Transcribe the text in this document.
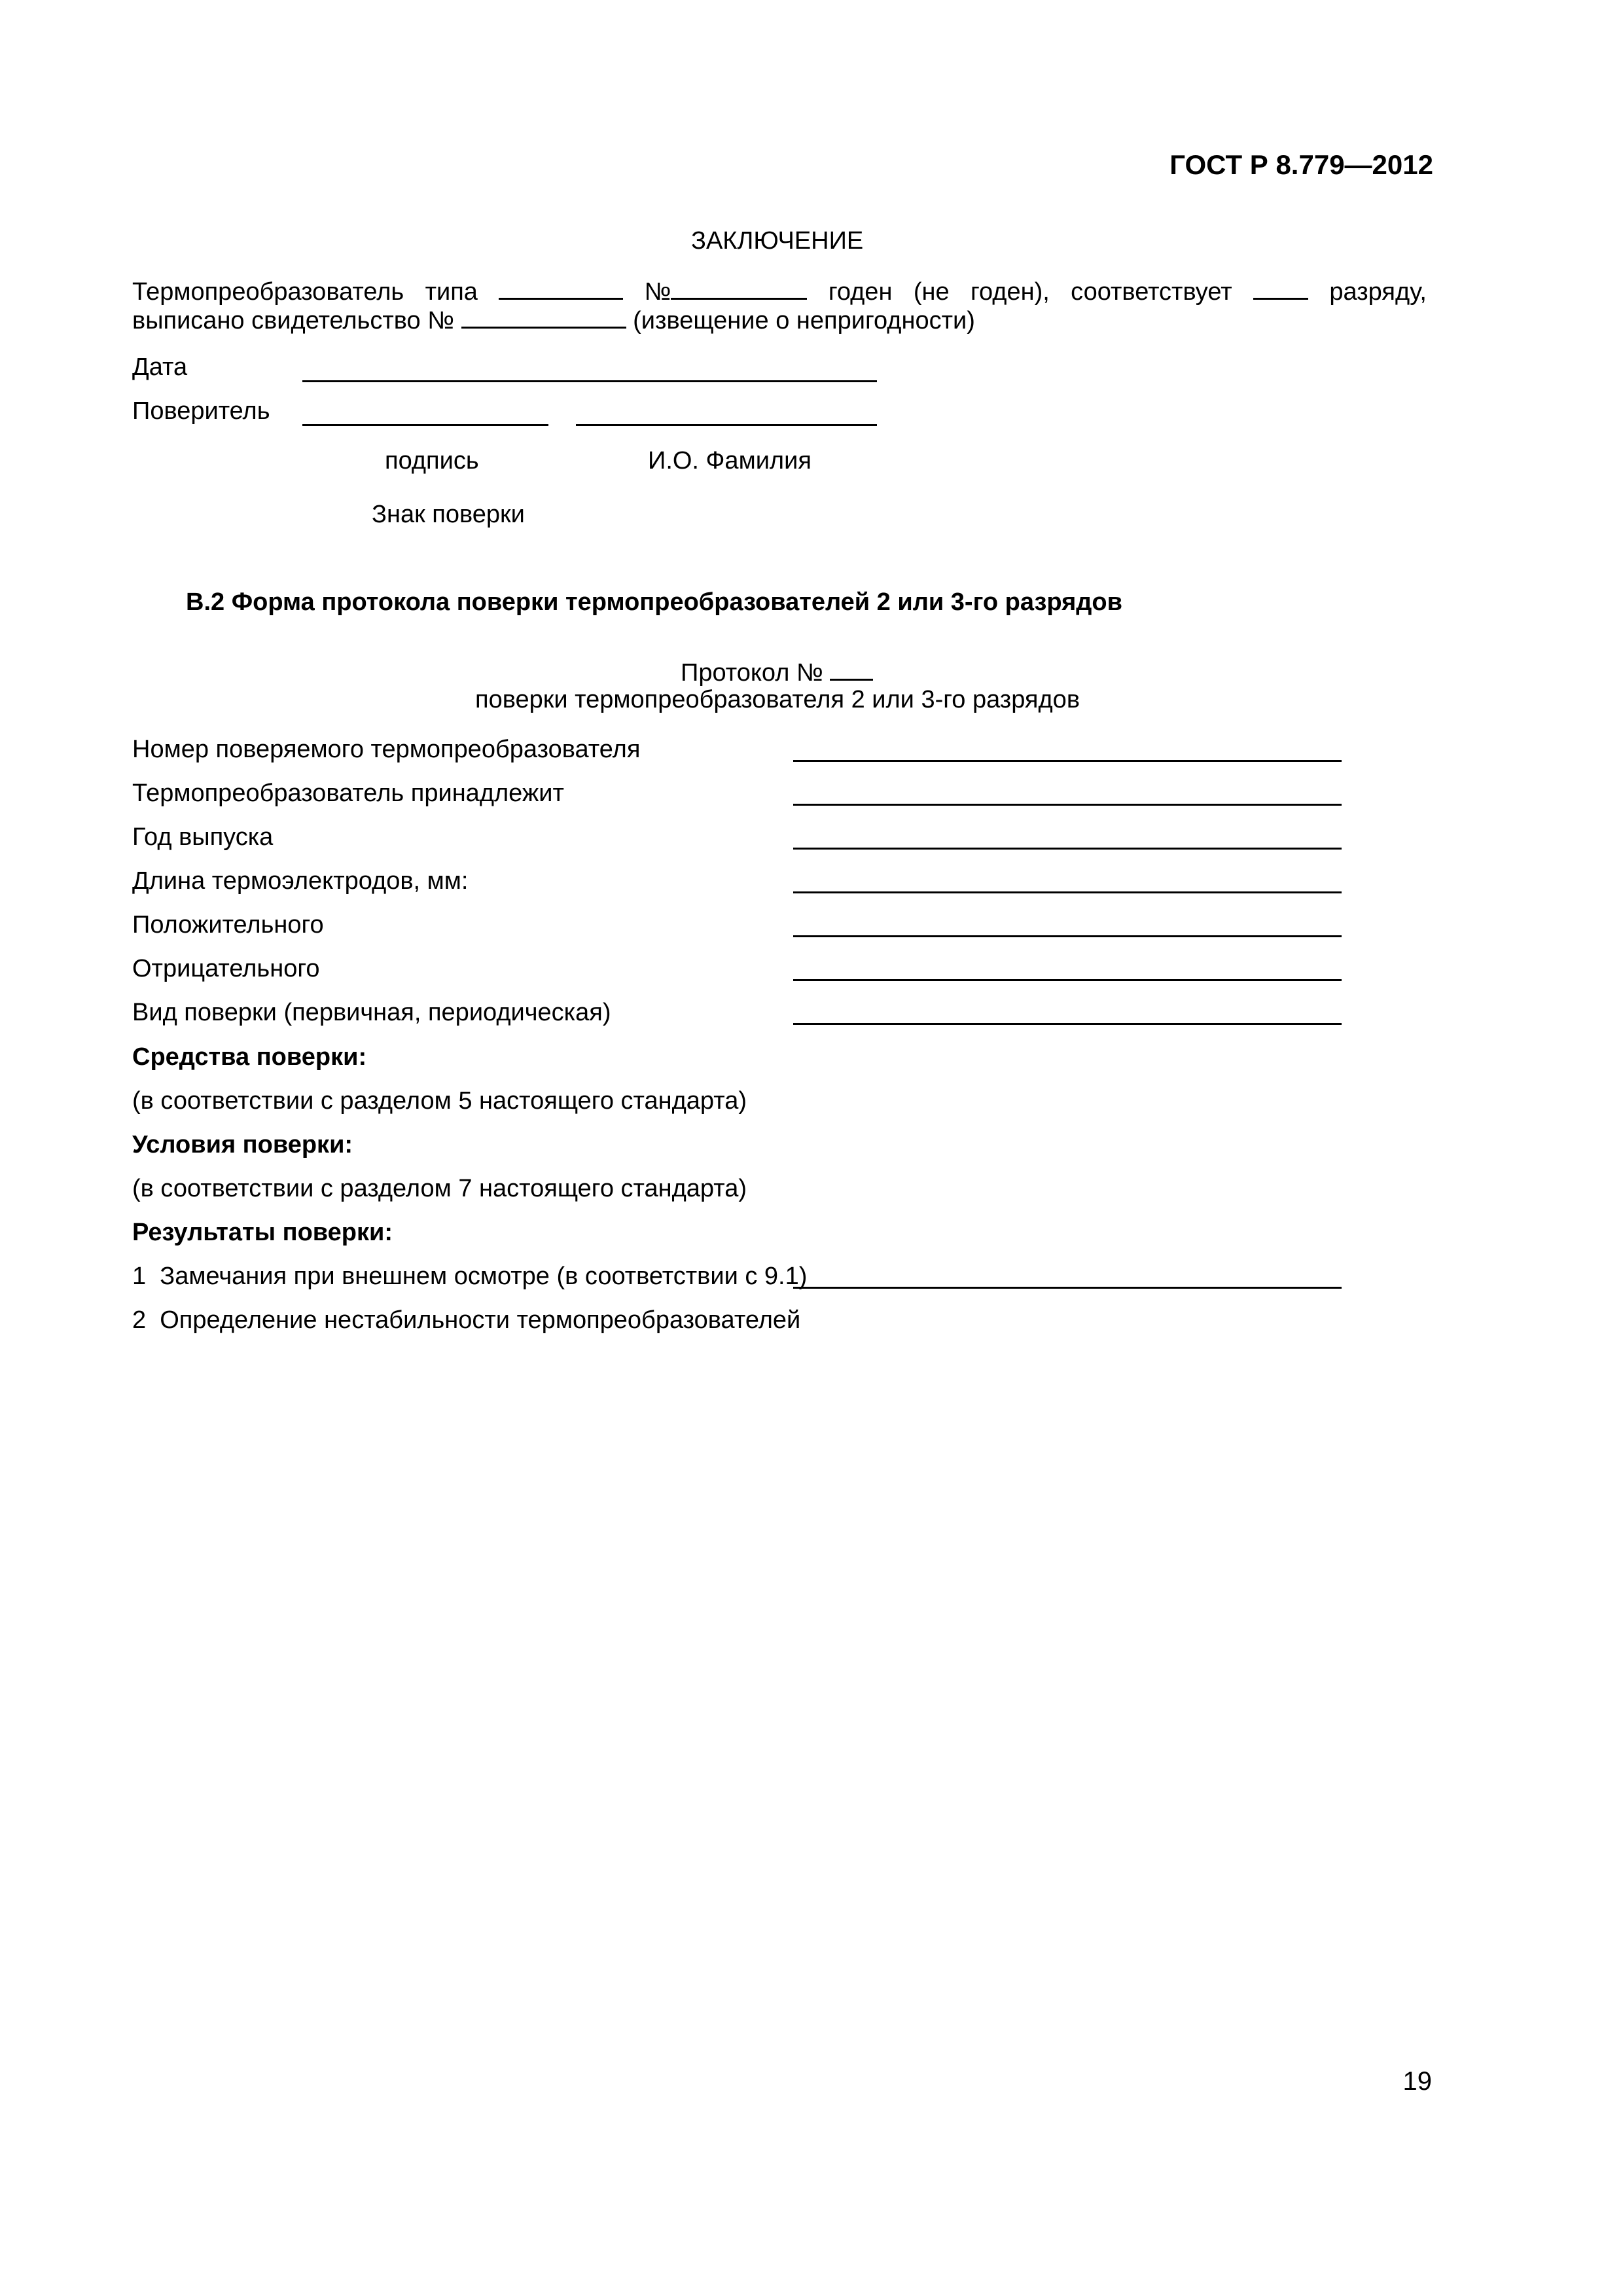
ГОСТ Р 8.779—2012
ЗАКЛЮЧЕНИЕ
Термопреобразователь типа	№	годен (не годен), соответствует	разряду,
выписано свидетельство №	(извещение о непригодности)
Дата
Поверитель
подпись	И.О. Фамилия
Знак поверки
В.2 Форма протокола поверки термопреобразователей 2 или 3-го разрядов
Протокол №
поверки термопреобразователя 2 или 3-го разрядов
Номер поверяемого термопреобразователя
Термопреобразователь принадлежит
Год выпуска
Длина термоэлектродов, мм:
Положительного
Отрицательного
Вид поверки (первичная, периодическая)
Средства поверки:
(в соответствии с разделом 5 настоящего стандарта)
Условия поверки:
(в соответствии с разделом 7 настоящего стандарта)
Результаты поверки:
1  Замечания при внешнем осмотре (в соответствии с 9.1)
2  Определение нестабильности термопреобразователей
19
